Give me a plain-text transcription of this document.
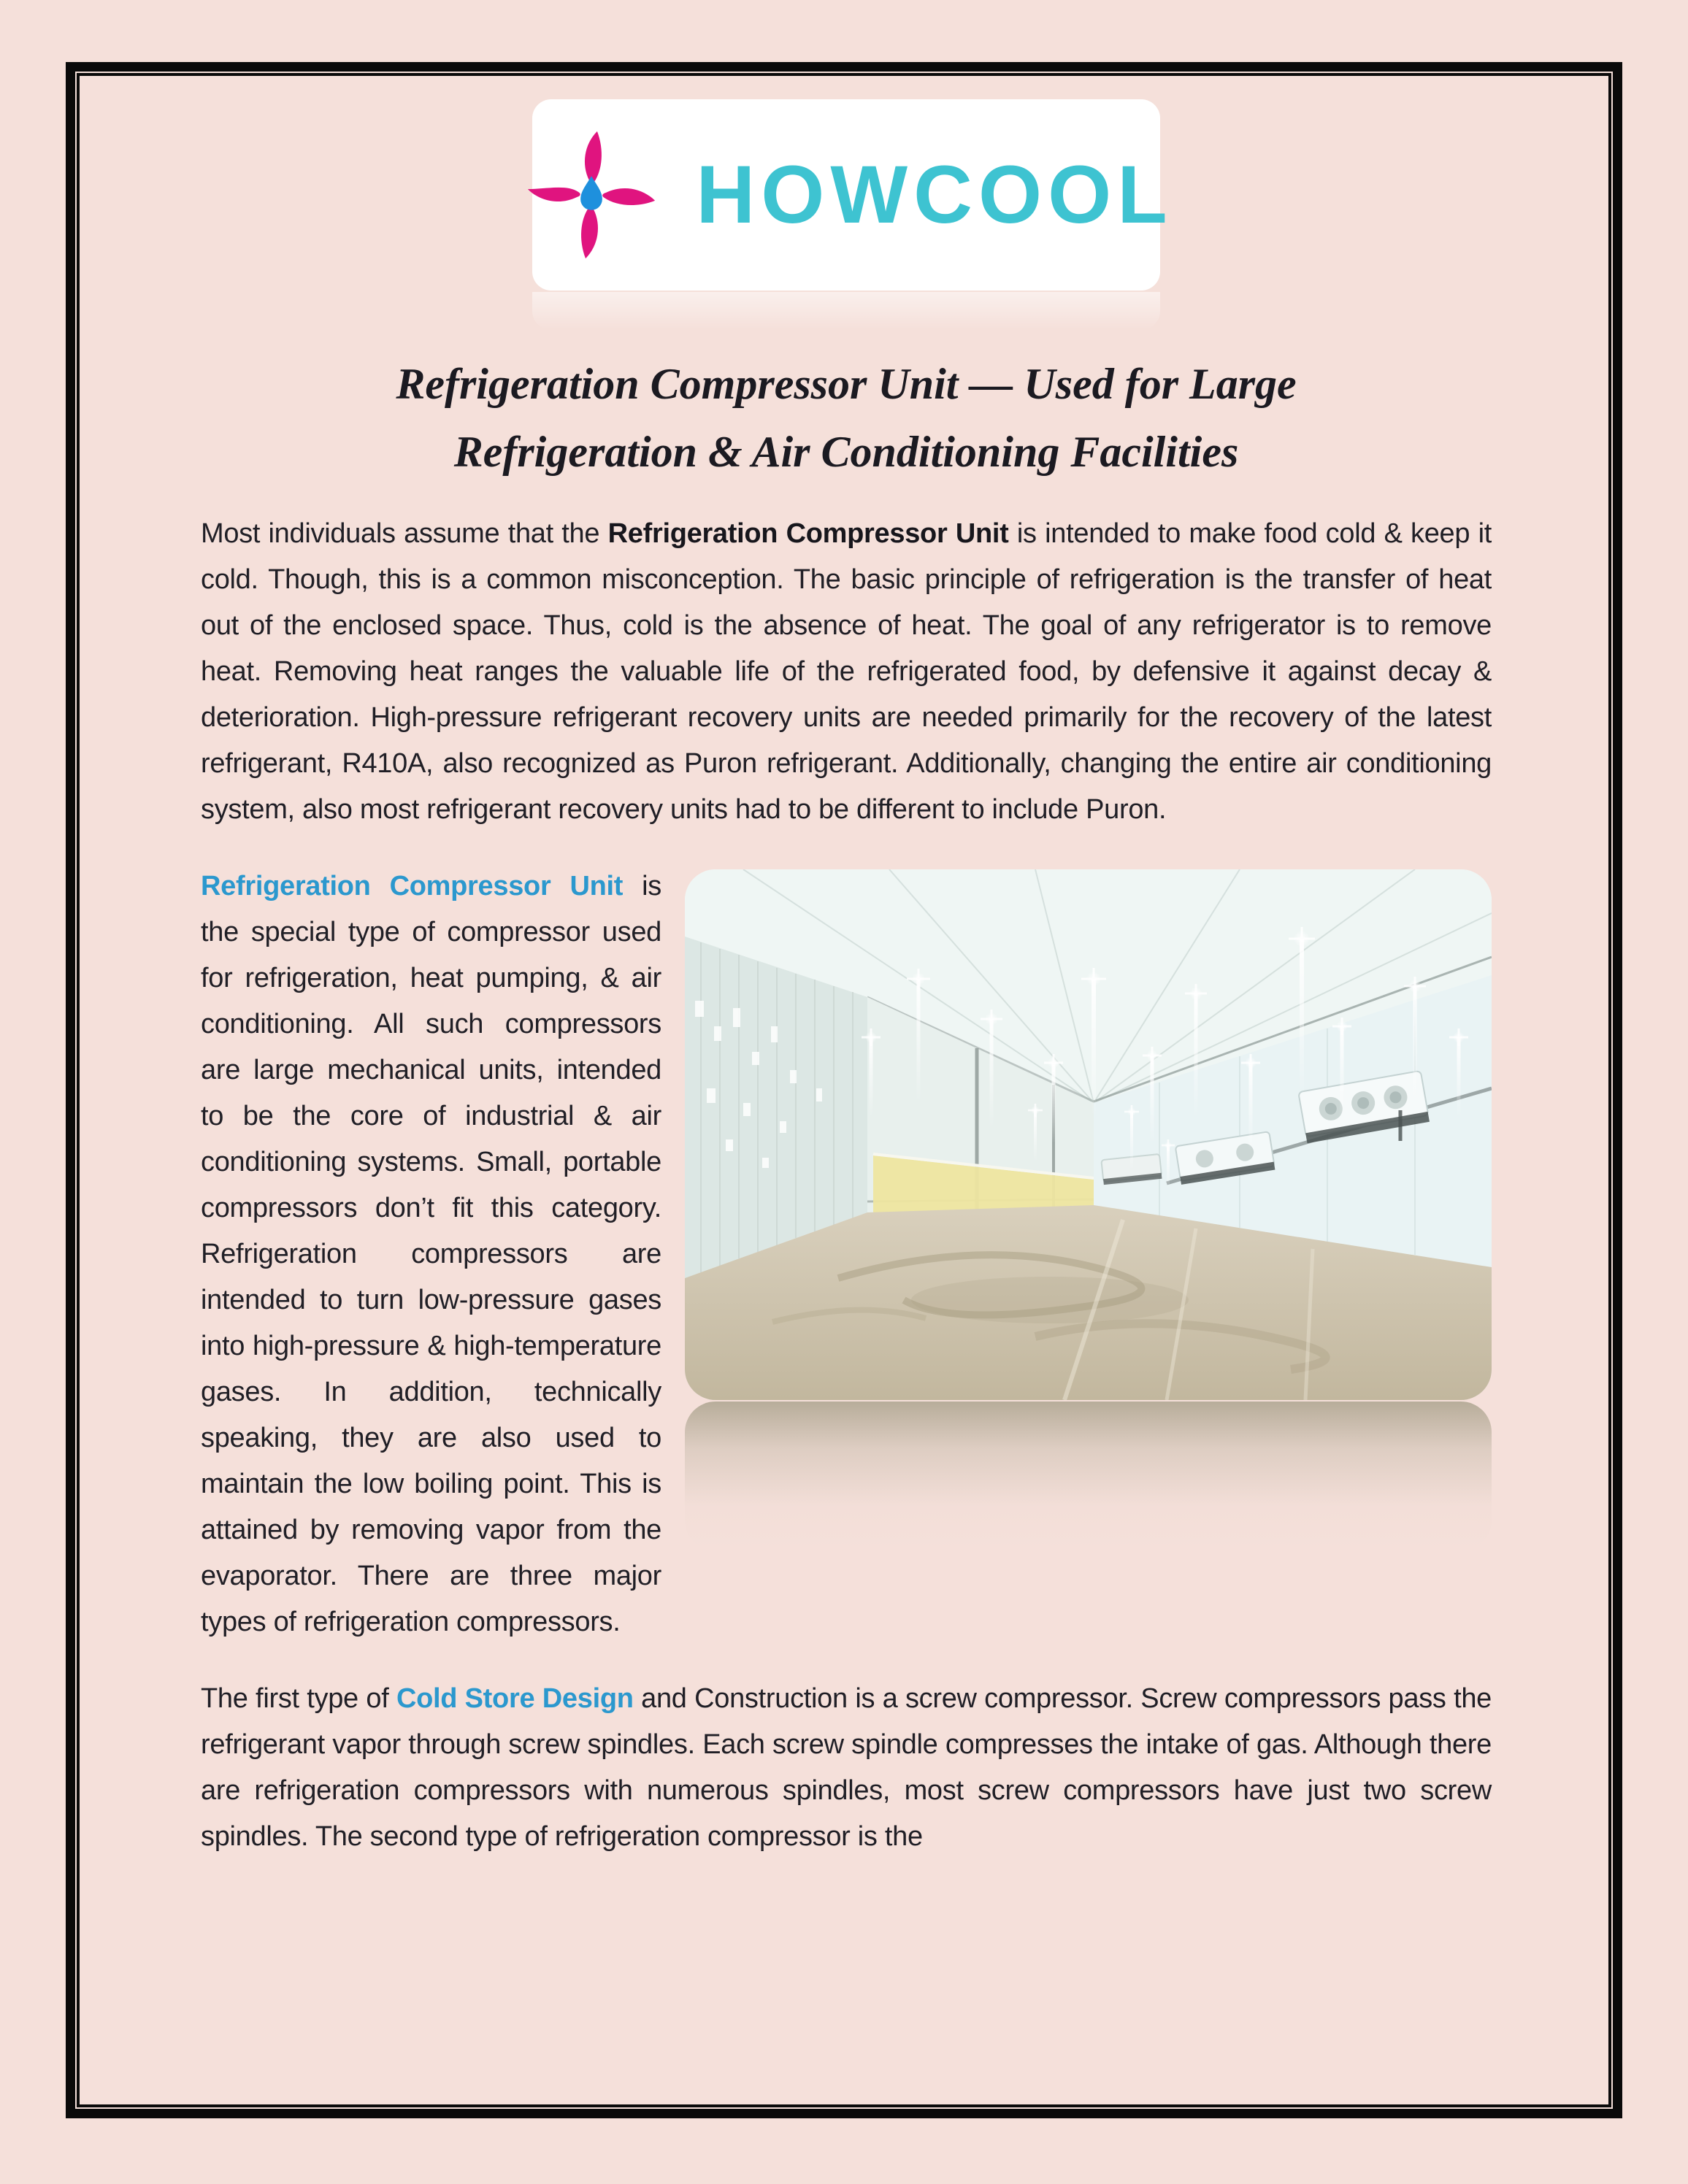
HOWCOOL
Refrigeration Compressor Unit — Used for Large
Refrigeration & Air Conditioning Facilities

Most individuals assume that the Refrigeration Compressor Unit is intended to make food cold & keep it cold. Though, this is a common misconception. The basic principle of refrigeration is the transfer of heat out of the enclosed space. Thus, cold is the absence of heat. The goal of any refrigerator is to remove heat. Removing heat ranges the valuable life of the refrigerated food, by defensive it against decay & deterioration. High-pressure refrigerant recovery units are needed primarily for the recovery of the latest refrigerant, R410A, also recognized as Puron refrigerant. Additionally, changing the entire air conditioning system, also most refrigerant recovery units had to be different to include Puron.

Refrigeration Compressor Unit is the special type of compressor used for refrigeration, heat pumping, & air conditioning. All such compressors are large mechanical units, intended to be the core of industrial & air conditioning systems. Small, portable compressors don’t fit this category. Refrigeration compressors are intended to turn low-pressure gases into high-pressure & high-temperature gases. In addition, technically speaking, they are also used to maintain the low boiling point. This is attained by removing vapor from the evaporator. There are three major types of refrigeration compressors.

The first type of Cold Store Design and Construction is a screw compressor. Screw compressors pass the refrigerant vapor through screw spindles. Each screw spindle compresses the intake of gas. Although there are refrigeration compressors with numerous spindles, most screw compressors have just two screw spindles. The second type of refrigeration compressor is the
